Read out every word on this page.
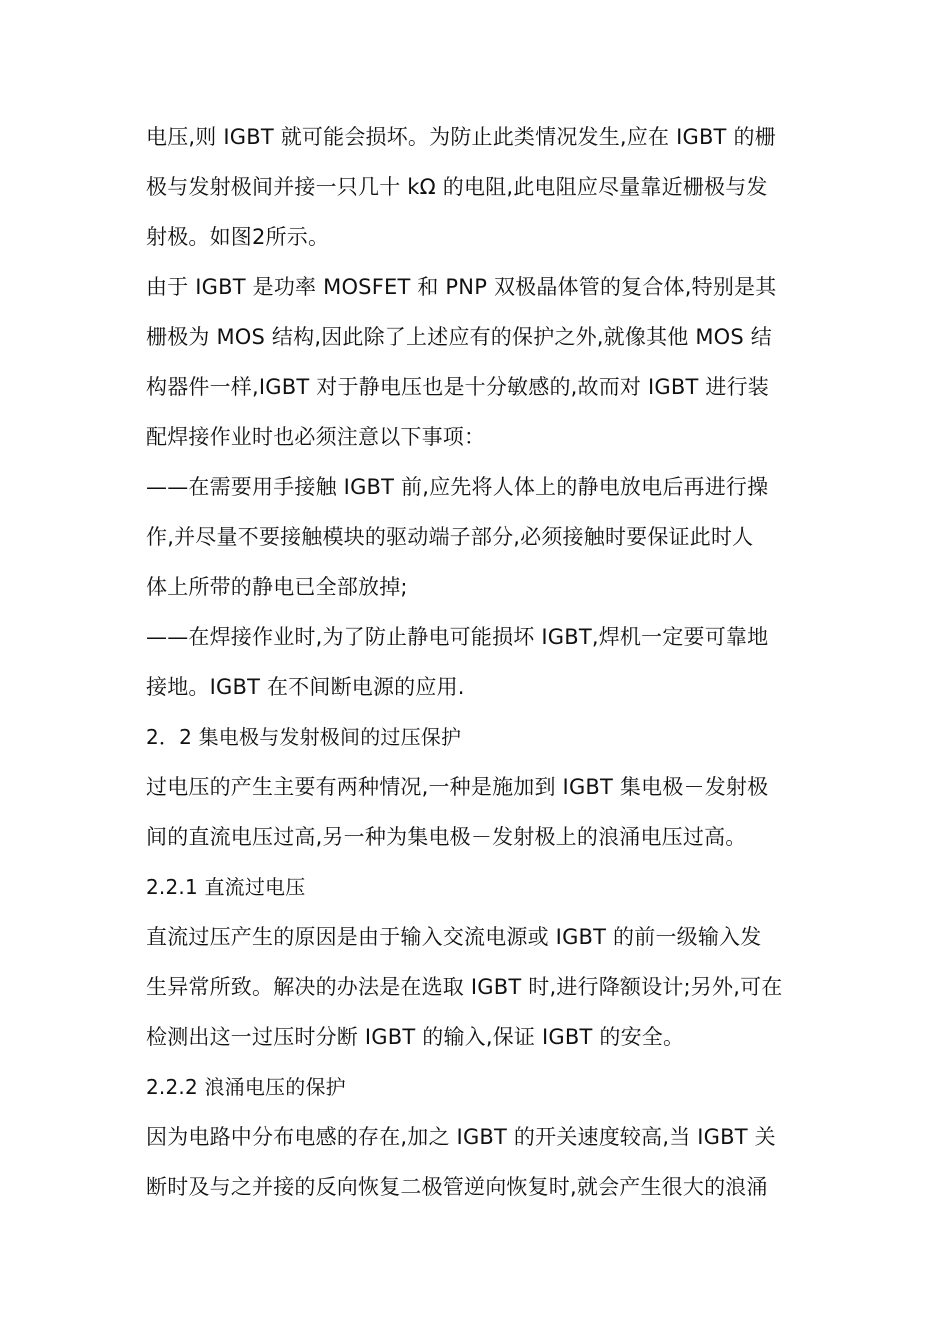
电压,则 IGBT 就可能会损坏。为防止此类情况发生,应在 IGBT 的栅

极与发射极间并接一只几十 kΩ 的电阻,此电阻应尽量靠近栅极与发

射极。如图2所示。

由于 IGBT 是功率 MOSFET 和 PNP 双极晶体管的复合体,特别是其

栅极为 MOS 结构,因此除了上述应有的保护之外,就像其他 MOS 结

构器件一样,IGBT 对于静电压也是十分敏感的,故而对 IGBT 进行装

配焊接作业时也必须注意以下事项：

——在需要用手接触 IGBT 前,应先将人体上的静电放电后再进行操

作,并尽量不要接触模块的驱动端子部分,必须接触时要保证此时人

体上所带的静电已全部放掉;

——在焊接作业时,为了防止静电可能损坏 IGBT,焊机一定要可靠地

接地。IGBT 在不间断电源的应用.

2．2 集电极与发射极间的过压保护

过电压的产生主要有两种情况,一种是施加到 IGBT 集电极－发射极

间的直流电压过高,另一种为集电极－发射极上的浪涌电压过高。

2.2.1 直流过电压

直流过压产生的原因是由于输入交流电源或 IGBT 的前一级输入发

生异常所致。解决的办法是在选取 IGBT 时,进行降额设计;另外,可在

检测出这一过压时分断 IGBT 的输入,保证 IGBT 的安全。

2.2.2 浪涌电压的保护

因为电路中分布电感的存在,加之 IGBT 的开关速度较高,当 IGBT 关

断时及与之并接的反向恢复二极管逆向恢复时,就会产生很大的浪涌
